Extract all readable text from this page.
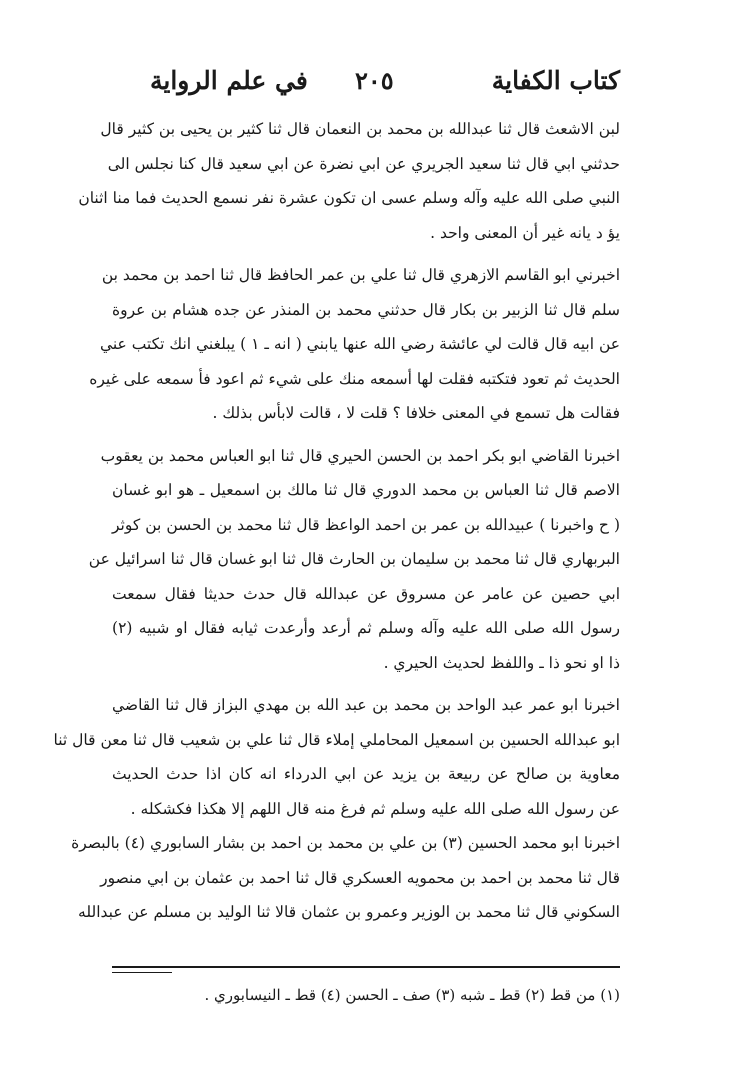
كتاب الكفاية
٢٠٥
في علم الرواية
لبن الاشعث قال ثنا عبدالله بن محمد بن النعمان قال ثنا كثير بن يحيى بن كثير قال
حدثني ابي قال ثنا سعيد الجريري عن ابي نضرة عن ابي سعيد قال كنا نجلس الى
النبي صلى الله عليه وآله وسلم عسى ان تكون عشرة نفر نسمع الحديث فما منا اثنان
يؤ د يانه غير أن المعنى واحد .
اخبرني ابو القاسم الازهري قال ثنا علي بن عمر الحافظ قال ثنا احمد بن محمد بن
سلم قال ثنا الزبير بن بكار قال حدثني محمد بن المنذر عن جده هشام بن عروة
عن ابيه قال قالت لي عائشة رضي الله عنها يابني ( انه ـ ١ ) يبلغني انك تكتب عني
الحديث ثم تعود فتكتبه فقلت لها أسمعه منك على شيء ثم اعود فأ سمعه على غيره
فقالت هل تسمع في المعنى خلافا ؟ قلت لا ، قالت لابأس بذلك .
اخبرنا القاضي ابو بكر احمد بن الحسن الحيري قال ثنا ابو العباس محمد بن يعقوب
الاصم قال ثنا العباس بن محمد الدوري قال ثنا مالك بن اسمعيل ـ هو ابو غسان
( ح واخبرنا ) عبيدالله بن عمر بن احمد الواعظ قال ثنا محمد بن الحسن بن كوثر
البربهاري قال ثنا محمد بن سليمان بن الحارث قال ثنا ابو غسان قال ثنا اسرائيل عن
ابي حصين عن عامر عن مسروق عن عبدالله قال حدث حديثا فقال سمعت
رسول الله صلى الله عليه وآله وسلم ثم أرعد وأرعدت ثيابه فقال او شبيه (٢)
ذا او نحو ذا ـ واللفظ لحديث الحيري .
اخبرنا ابو عمر عبد الواحد بن محمد بن عبد الله بن مهدي البزاز قال ثنا القاضي
ابو عبدالله الحسين بن اسمعيل المحاملي إملاء قال ثنا علي بن شعيب قال ثنا معن قال ثنا
معاوية بن صالح عن ربيعة بن يزيد عن ابي الدرداء انه كان اذا حدث الحديث
عن رسول الله صلى الله عليه وسلم ثم فرغ منه قال اللهم إلا هكذا فكشكله .
اخبرنا ابو محمد الحسين (٣) بن علي بن محمد بن احمد بن بشار السابوري (٤) بالبصرة
قال ثنا محمد بن احمد بن محمويه العسكري قال ثنا احمد بن عثمان بن ابي منصور
السكوني قال ثنا محمد بن الوزير وعمرو بن عثمان قالا ثنا الوليد بن مسلم عن عبدالله
(١) من قط (٢) قط ـ شبه (٣) صف ـ الحسن (٤) قط ـ النيسابوري .
